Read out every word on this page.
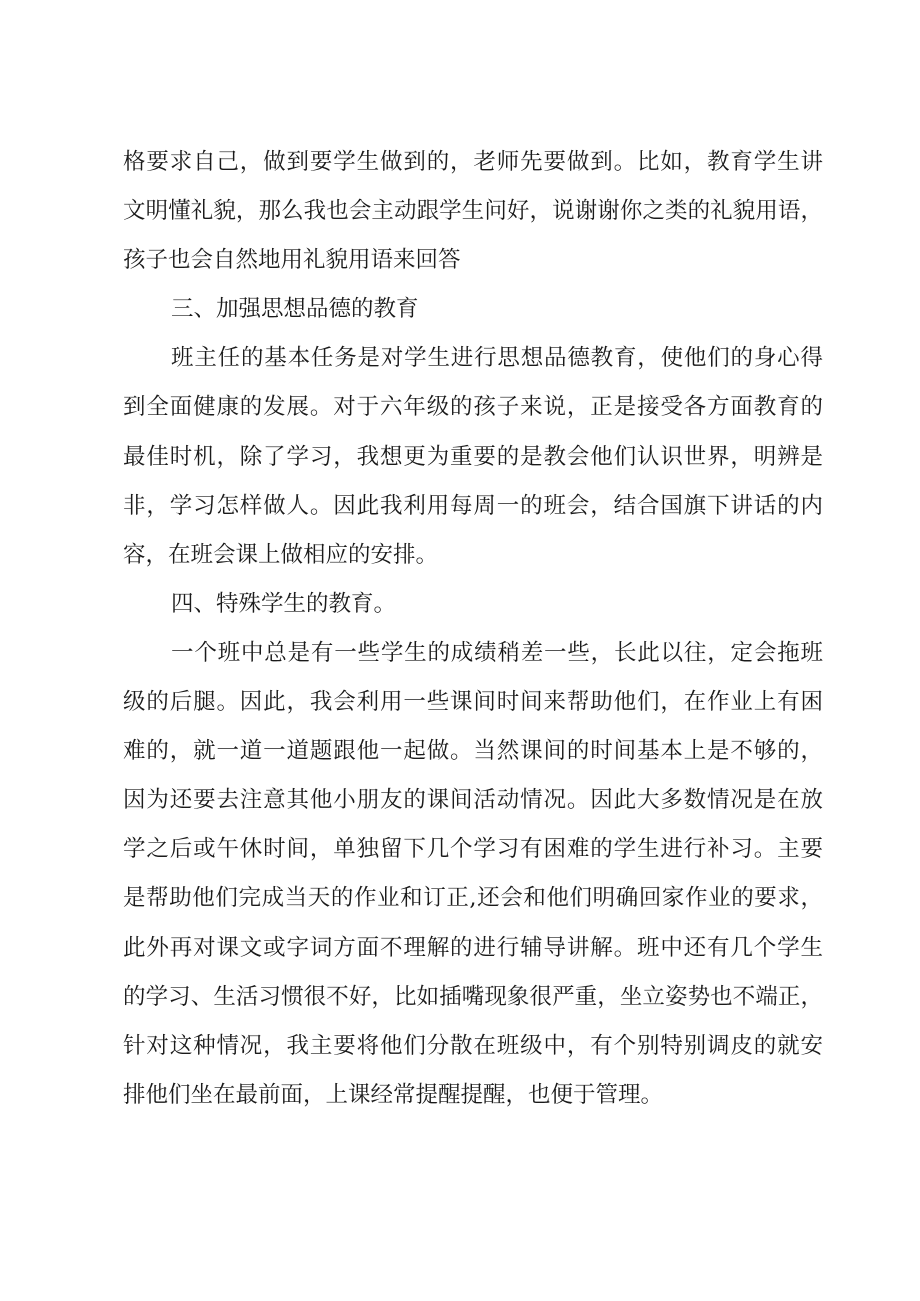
格要求自己，做到要学生做到的，老师先要做到。比如，教育学生讲
文明懂礼貌，那么我也会主动跟学生问好，说谢谢你之类的礼貌用语，
孩子也会自然地用礼貌用语来回答
三、加强思想品德的教育
班主任的基本任务是对学生进行思想品德教育，使他们的身心得
到全面健康的发展。对于六年级的孩子来说，正是接受各方面教育的
最佳时机，除了学习，我想更为重要的是教会他们认识世界，明辨是
非，学习怎样做人。因此我利用每周一的班会，结合国旗下讲话的内
容，在班会课上做相应的安排。
四、特殊学生的教育。
一个班中总是有一些学生的成绩稍差一些，长此以往，定会拖班
级的后腿。因此，我会利用一些课间时间来帮助他们，在作业上有困
难的，就一道一道题跟他一起做。当然课间的时间基本上是不够的，
因为还要去注意其他小朋友的课间活动情况。因此大多数情况是在放
学之后或午休时间，单独留下几个学习有困难的学生进行补习。主要
是帮助他们完成当天的作业和订正,还会和他们明确回家作业的要求，
此外再对课文或字词方面不理解的进行辅导讲解。班中还有几个学生
的学习、生活习惯很不好，比如插嘴现象很严重，坐立姿势也不端正，
针对这种情况，我主要将他们分散在班级中，有个别特别调皮的就安
排他们坐在最前面，上课经常提醒提醒，也便于管理。
